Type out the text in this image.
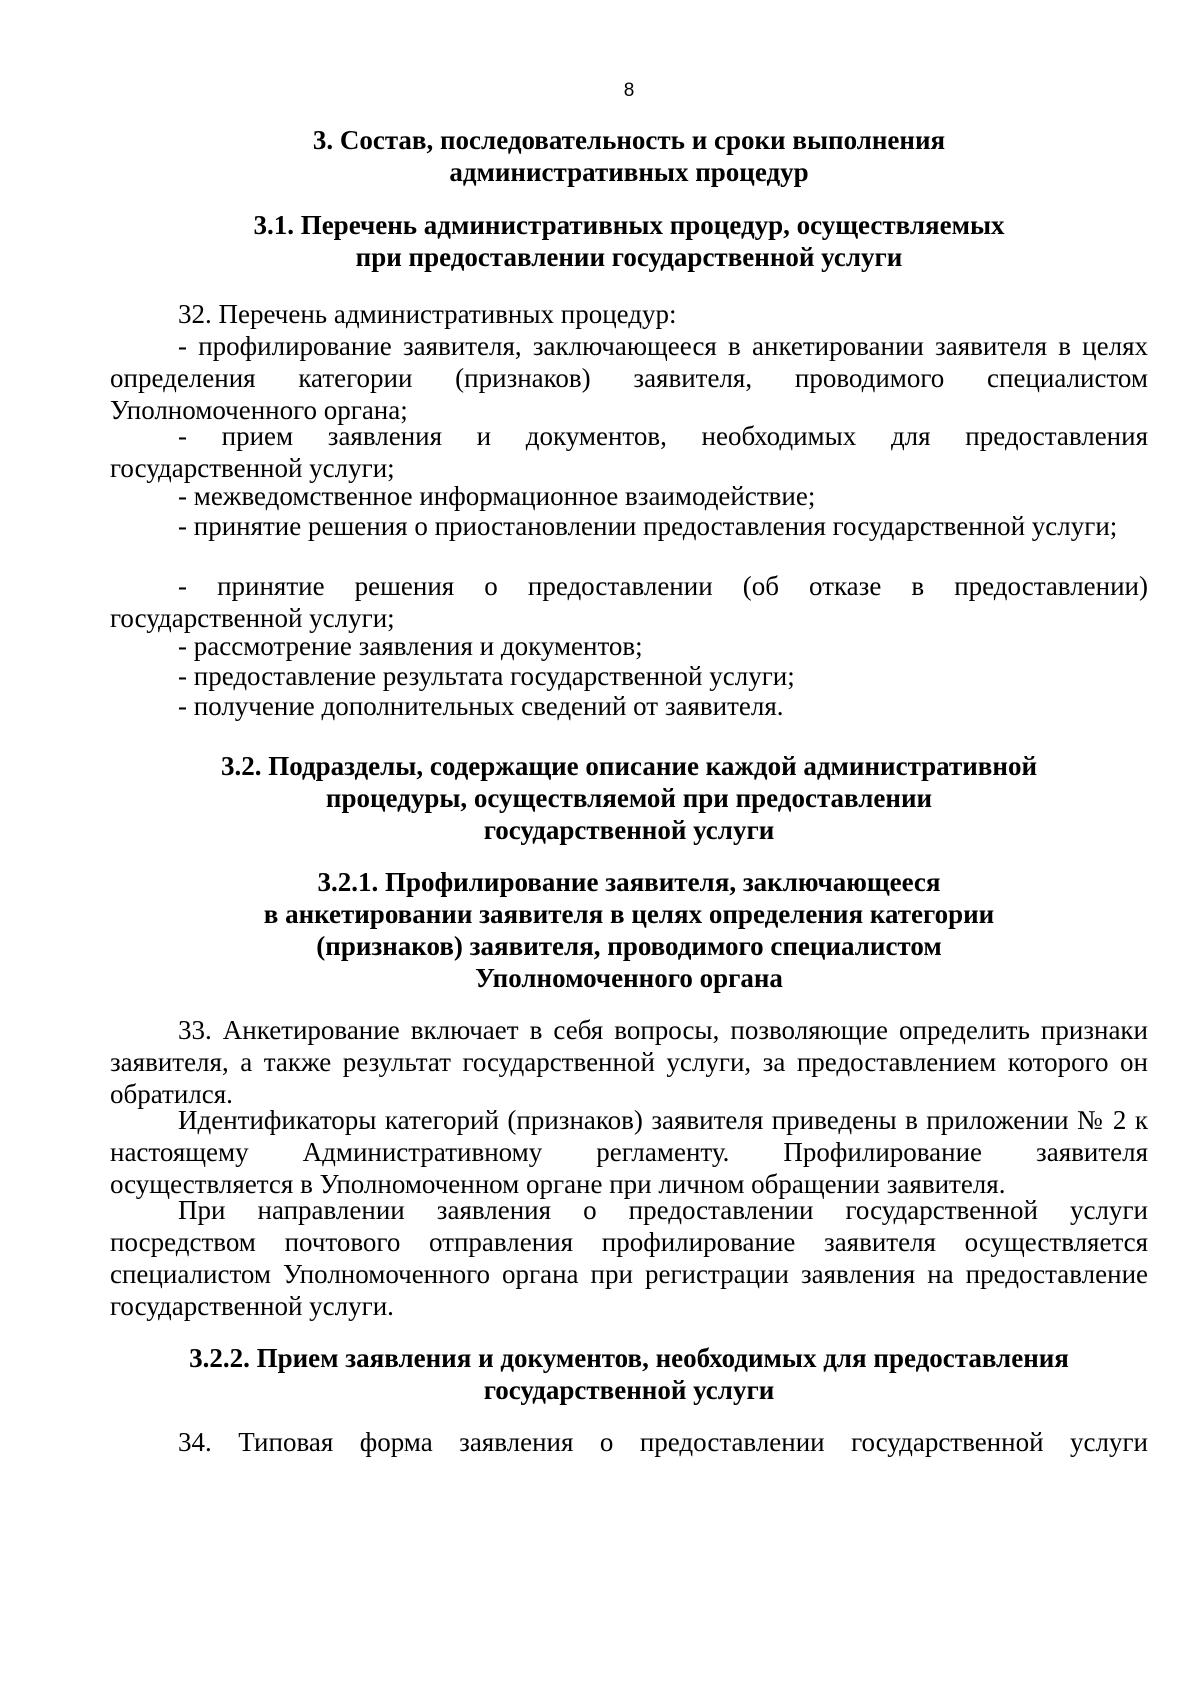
8
3. Состав, последовательность и сроки выполнения
административных процедур
3.1. Перечень административных процедур, осуществляемых
при предоставлении государственной услуги

32. Перечень административных процедур:

- профилирование заявителя, заключающееся в анкетировании заявителя в целях определения категории (признаков) заявителя, проводимого специалистом Уполномоченного органа;

- прием заявления и документов, необходимых для предоставления государственной услуги;

- межведомственное информационное взаимодействие;

- принятие решения о приостановлении предоставления государственной услуги;

- принятие решения о предоставлении (об отказе в предоставлении) государственной услуги;

- рассмотрение заявления и документов;

- предоставление результата государственной услуги;

- получение дополнительных сведений от заявителя.

3.2. Подразделы, содержащие описание каждой административной
процедуры, осуществляемой при предоставлении
государственной услуги
3.2.1. Профилирование заявителя, заключающееся
в анкетировании заявителя в целях определения категории
(признаков) заявителя, проводимого специалистом
Уполномоченного органа

33. Анкетирование включает в себя вопросы, позволяющие определить признаки заявителя, а также результат государственной услуги, за предоставлением которого он обратился.

Идентификаторы категорий (признаков) заявителя приведены в приложении № 2 к настоящему Административному регламенту. Профилирование заявителя осуществляется в Уполномоченном органе при личном обращении заявителя.

При направлении заявления о предоставлении государственной услуги посредством почтового отправления профилирование заявителя осуществляется специалистом Уполномоченного органа при регистрации заявления на предоставление государственной услуги.

3.2.2. Прием заявления и документов, необходимых для предоставления
государственной услуги

34. Типовая форма заявления о предоставлении государственной услуги
